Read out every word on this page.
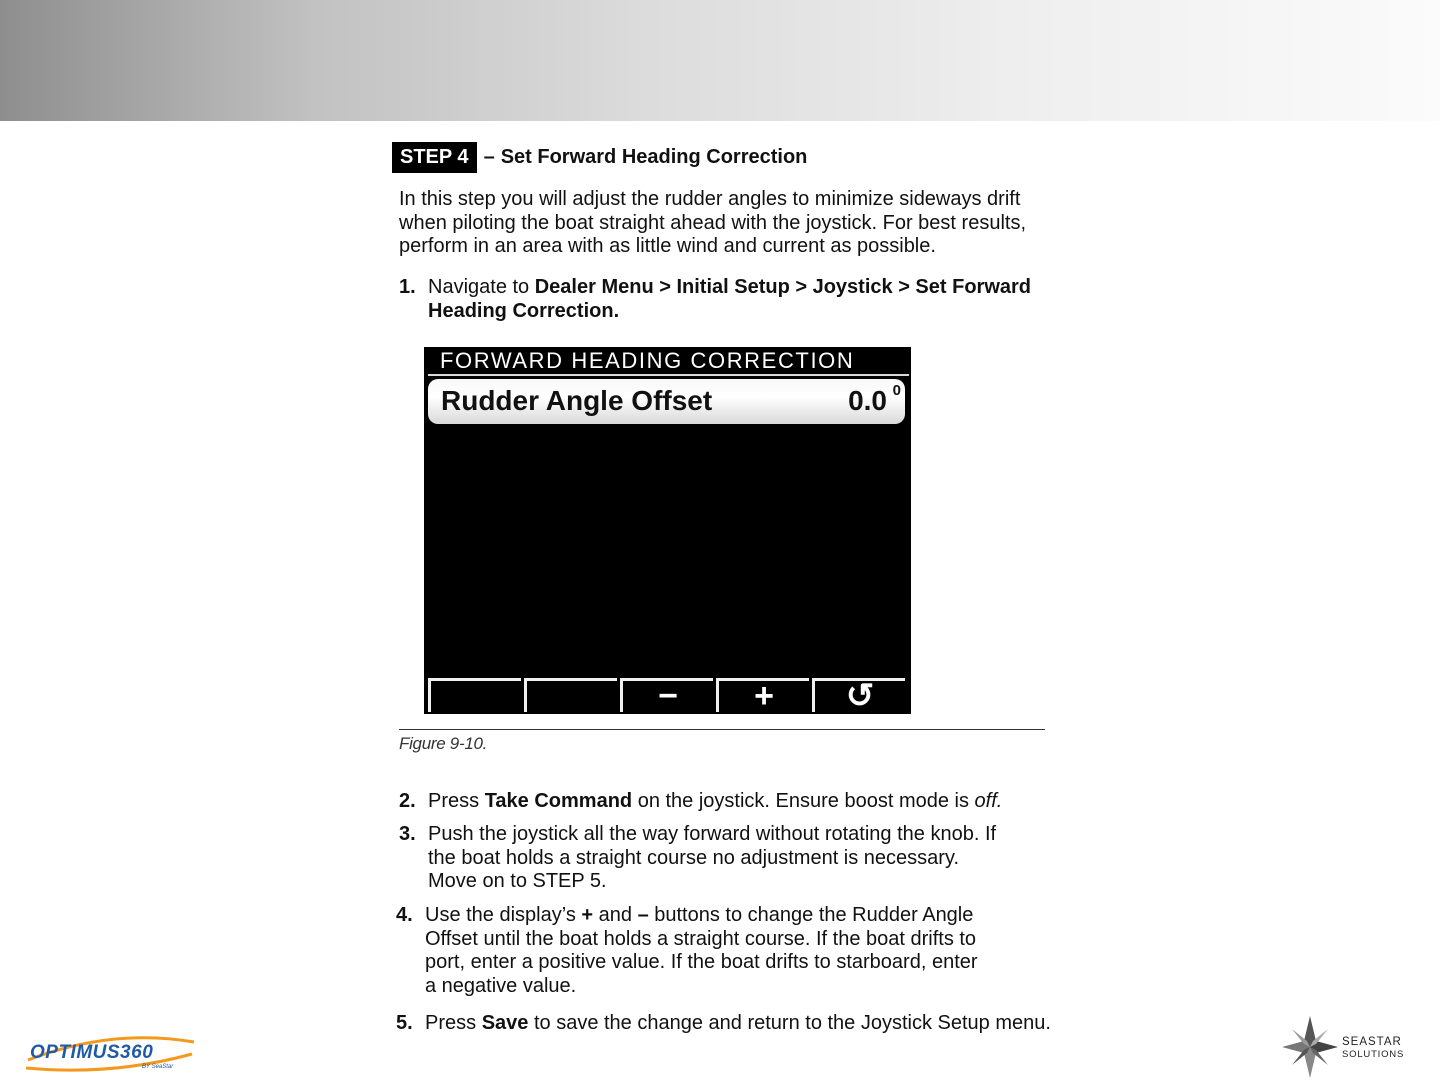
STEP 4 – Set Forward Heading Correction
In this step you will adjust the rudder angles to minimize sideways drift when piloting the boat straight ahead with the joystick. For best results, perform in an area with as little wind and current as possible.
1. Navigate to Dealer Menu > Initial Setup > Joystick > Set Forward
Heading Correction.
FORWARD HEADING CORRECTION
Rudder Angle Offset	0.0 0
−	+	↺
Figure 9-10.
2. Press Take Command on the joystick. Ensure boost mode is off.
3. Push the joystick all the way forward without rotating the knob. If
the boat holds a straight course no adjustment is necessary.
Move on to STEP 5.
4. Use the display’s + and – buttons to change the Rudder Angle
Offset until the boat holds a straight course. If the boat drifts to
port, enter a positive value. If the boat drifts to starboard, enter
a negative value.
5. Press Save to save the change and return to the Joystick Setup menu.
OPTIMUS360
BY SeaStar
SEASTAR
SOLUTIONS
